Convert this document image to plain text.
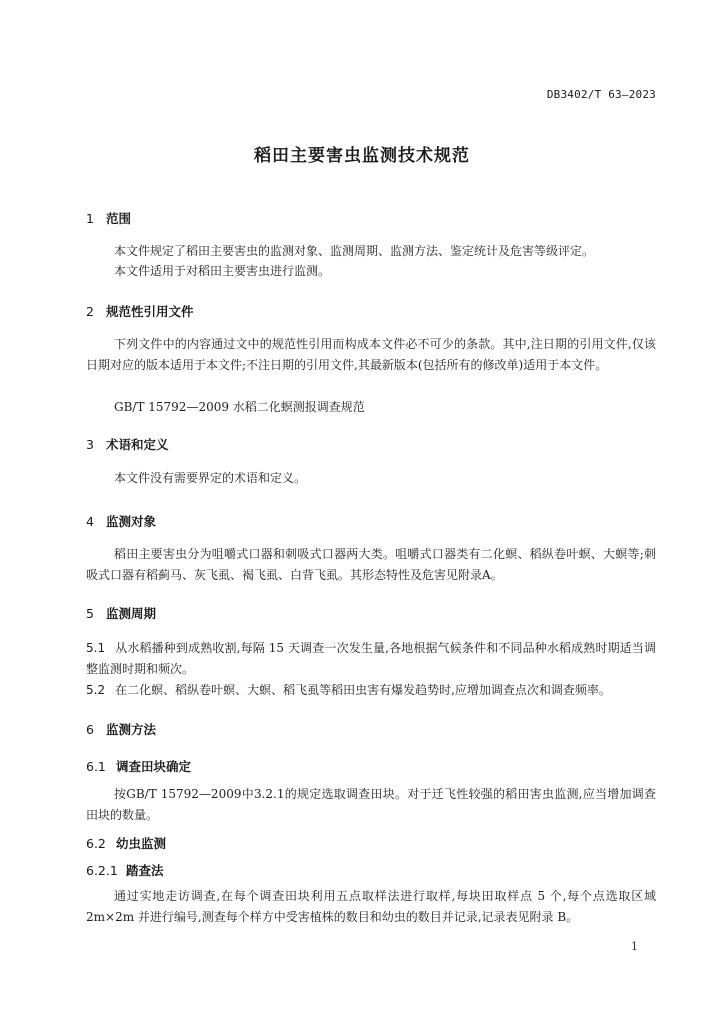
DB3402/T 63—2023
稻田主要害虫监测技术规范
1 范围
本文件规定了稻田主要害虫的监测对象、监测周期、监测方法、鉴定统计及危害等级评定。
本文件适用于对稻田主要害虫进行监测。
2 规范性引用文件
下列文件中的内容通过文中的规范性引用而构成本文件必不可少的条款。其中,注日期的引用文件,仅该日期对应的版本适用于本文件;不注日期的引用文件,其最新版本(包括所有的修改单)适用于本文件。
GB/T 15792—2009 水稻二化螟测报调查规范
3 术语和定义
本文件没有需要界定的术语和定义。
4 监测对象
稻田主要害虫分为咀嚼式口器和刺吸式口器两大类。咀嚼式口器类有二化螟、稻纵卷叶螟、大螟等;刺吸式口器有稻蓟马、灰飞虱、褐飞虱、白背飞虱。其形态特性及危害见附录A。
5 监测周期
5.1 从水稻播种到成熟收割,每隔 15 天调查一次发生量,各地根据气候条件和不同品种水稻成熟时期适当调整监测时期和频次。
5.2 在二化螟、稻纵卷叶螟、大螟、稻飞虱等稻田虫害有爆发趋势时,应增加调查点次和调查频率。
6 监测方法
6.1 调查田块确定
按GB/T 15792—2009中3.2.1的规定选取调查田块。对于迁飞性较强的稻田害虫监测,应当增加调查田块的数量。
6.2 幼虫监测
6.2.1 踏查法
通过实地走访调查,在每个调查田块利用五点取样法进行取样,每块田取样点 5 个,每个点选取区域 2m×2m 并进行编号,测查每个样方中受害植株的数目和幼虫的数目并记录,记录表见附录 B。
1
